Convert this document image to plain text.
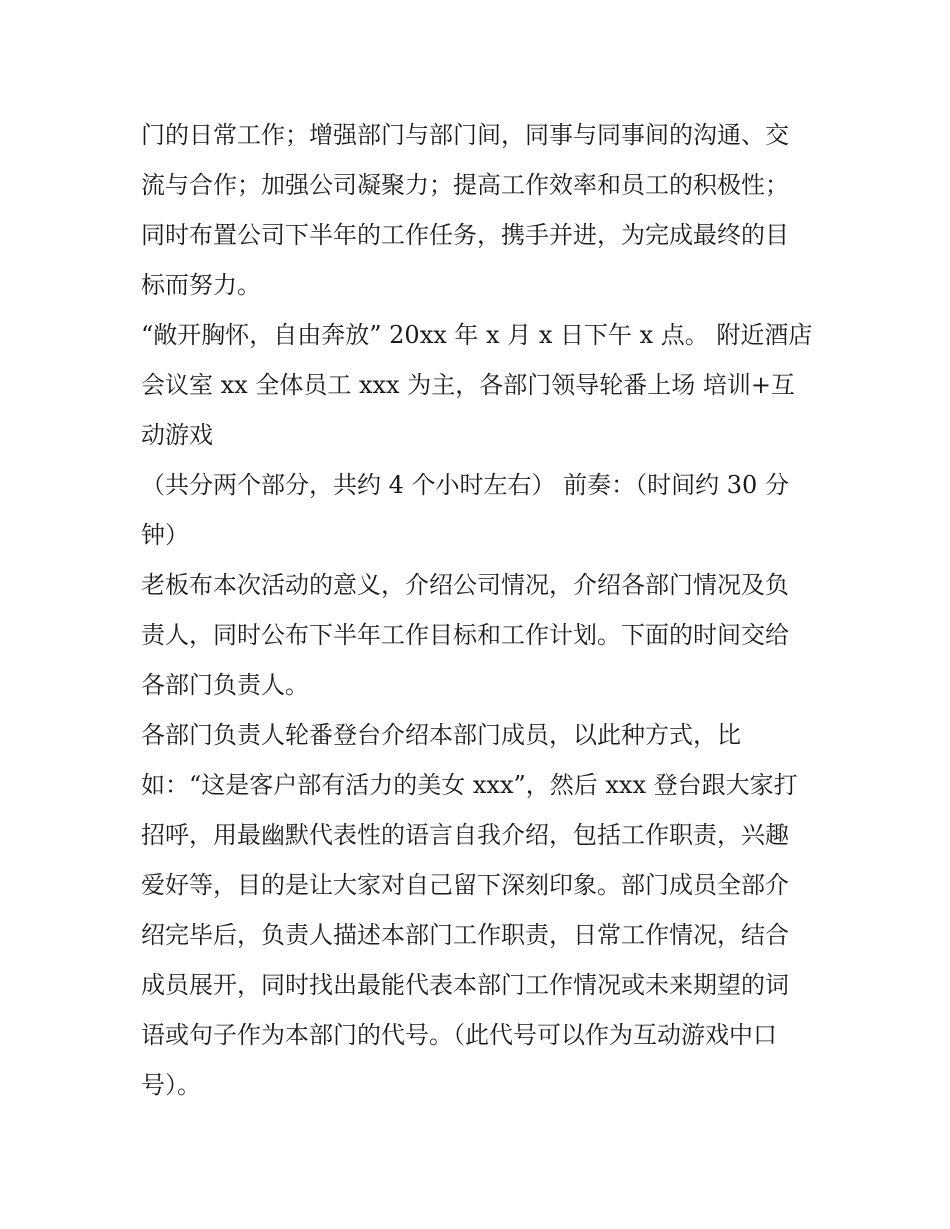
门的日常工作；增强部门与部门间，同事与同事间的沟通、交
流与合作；加强公司凝聚力；提高工作效率和员工的积极性；
同时布置公司下半年的工作任务，携手并进，为完成最终的目
标而努力。
“敞开胸怀，自由奔放” 20xx 年 x 月 x 日下午 x 点。 附近酒店
会议室 xx 全体员工 xxx 为主，各部门领导轮番上场 培训+互
动游戏
（共分两个部分，共约 4 个小时左右） 前奏：（时间约 30 分
钟）
老板布本次活动的意义，介绍公司情况，介绍各部门情况及负
责人，同时公布下半年工作目标和工作计划。下面的时间交给
各部门负责人。
各部门负责人轮番登台介绍本部门成员，以此种方式，比
如：“这是客户部有活力的美女 xxx”，然后 xxx 登台跟大家打
招呼，用最幽默代表性的语言自我介绍，包括工作职责，兴趣
爱好等，目的是让大家对自己留下深刻印象。部门成员全部介
绍完毕后，负责人描述本部门工作职责，日常工作情况，结合
成员展开，同时找出最能代表本部门工作情况或未来期望的词
语或句子作为本部门的代号。（此代号可以作为互动游戏中口
号）。
